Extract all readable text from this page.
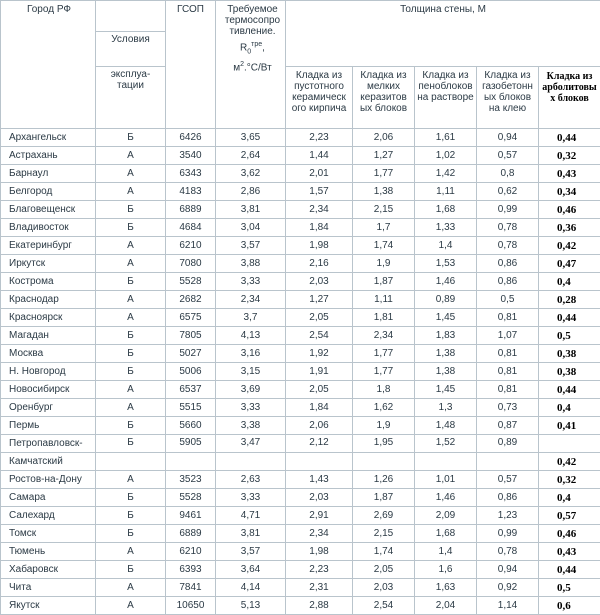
Город РФ		ГСОП	Требуемое
термосопро
тивление.
$R_0^{тре}$,
$м^2.^\circ С/Вт$	Толщина стены, М				
	Условия							
	эксплуа-тации			Кладка из пустотного керамическ ого кирпича	Кладка из мелких керазитов ых блоков	Кладка из пеноблоков на растворе	Кладка из газобетонн ых блоков на клею	Кладка из арболитовы х блоков
Архангельск	Б	6426	3,65	2,23	2,06	1,61	0,94	0,44
Астрахань	А	3540	2,64	1,44	1,27	1,02	0,57	0,32
Барнаул	А	6343	3,62	2,01	1,77	1,42	0,8	0,43
Белгород	А	4183	2,86	1,57	1,38	1,11	0,62	0,34
Благовещенск	Б	6889	3,81	2,34	2,15	1,68	0,99	0,46
Владивосток	Б	4684	3,04	1,84	1,7	1,33	0,78	0,36
Екатеринбург	А	6210	3,57	1,98	1,74	1,4	0,78	0,42
Иркутск	А	7080	3,88	2,16	1,9	1,53	0,86	0,47
Кострома	Б	5528	3,33	2,03	1,87	1,46	0,86	0,4
Краснодар	А	2682	2,34	1,27	1,11	0,89	0,5	0,28
Красноярск	А	6575	3,7	2,05	1,81	1,45	0,81	0,44
Магадан	Б	7805	4,13	2,54	2,34	1,83	1,07	0,5
Москва	Б	5027	3,16	1,92	1,77	1,38	0,81	0,38
Н. Новгород	Б	5006	3,15	1,91	1,77	1,38	0,81	0,38
Новосибирск	А	6537	3,69	2,05	1,8	1,45	0,81	0,44
Оренбург	А	5515	3,33	1,84	1,62	1,3	0,73	0,4
Пермь	Б	5660	3,38	2,06	1,9	1,48	0,87	0,41
Петропавловск-	Б	5905	3,47	2,12	1,95	1,52	0,89	
Камчатский								0,42
Ростов-на-Дону	А	3523	2,63	1,43	1,26	1,01	0,57	0,32
Самара	Б	5528	3,33	2,03	1,87	1,46	0,86	0,4
Салехард	Б	9461	4,71	2,91	2,69	2,09	1,23	0,57
Томск	Б	6889	3,81	2,34	2,15	1,68	0,99	0,46
Тюмень	А	6210	3,57	1,98	1,74	1,4	0,78	0,43
Хабаровск	Б	6393	3,64	2,23	2,05	1,6	0,94	0,44
Чита	А	7841	4,14	2,31	2,03	1,63	0,92	0,5
Якутск	А	10650	5,13	2,88	2,54	2,04	1,14	0,6
